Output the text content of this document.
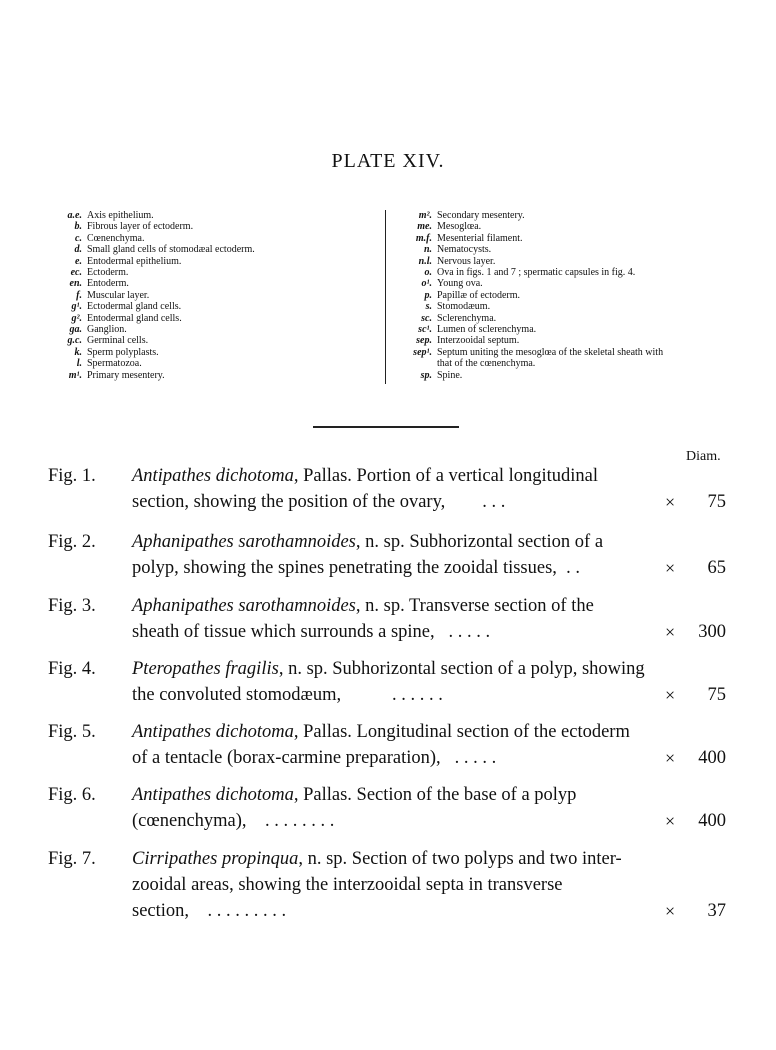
PLATE XIV.
a.e. Axis epithelium.
b. Fibrous layer of ectoderm.
c. Cœnenchyma.
d. Small gland cells of stomodæal ectoderm.
e. Entodermal epithelium.
ec. Ectoderm.
en. Entoderm.
f. Muscular layer.
g¹. Ectodermal gland cells.
g². Entodermal gland cells.
ga. Ganglion.
g.c. Germinal cells.
k. Sperm polyplasts.
l. Spermatozoa.
m¹. Primary mesentery.
m². Secondary mesentery.
me. Mesoglœa.
m.f. Mesenterial filament.
n. Nematocysts.
n.l. Nervous layer.
o. Ova in figs. 1 and 7 ; spermatic capsules in fig. 4.
o¹. Young ova.
p. Papillæ of ectoderm.
s. Stomodæum.
sc. Sclerenchyma.
sc¹. Lumen of sclerenchyma.
sep. Interzooidal septum.
sep¹. Septum uniting the mesoglœa of the skeletal sheath with
that of the cœnenchyma.
sp. Spine.
Diam.
Fig. 1. Antipathes dichotoma, Pallas. Portion of a vertical longitudinal
section, showing the position of the ovary, . . .	×	75
Fig. 2. Aphanipathes sarothamnoides, n. sp. Subhorizontal section of a
polyp, showing the spines penetrating the zooidal tissues, . .	×	65
Fig. 3. Aphanipathes sarothamnoides, n. sp. Transverse section of the
sheath of tissue which surrounds a spine, . . . . .	×	300
Fig. 4. Pteropathes fragilis, n. sp. Subhorizontal section of a polyp, showing
the convoluted stomodæum,	. . . . . .	×	75
Fig. 5. Antipathes dichotoma, Pallas. Longitudinal section of the ectoderm
of a tentacle (borax-carmine preparation), . . . . .	×	400
Fig. 6. Antipathes dichotoma, Pallas. Section of the base of a polyp
(cœnenchyma), . . . . . . . .	×	400
Fig. 7. Cirripathes propinqua, n. sp. Section of two polyps and two inter-
zooidal areas, showing the interzooidal septa in transverse
section, . . . . . . . . .	×	37
